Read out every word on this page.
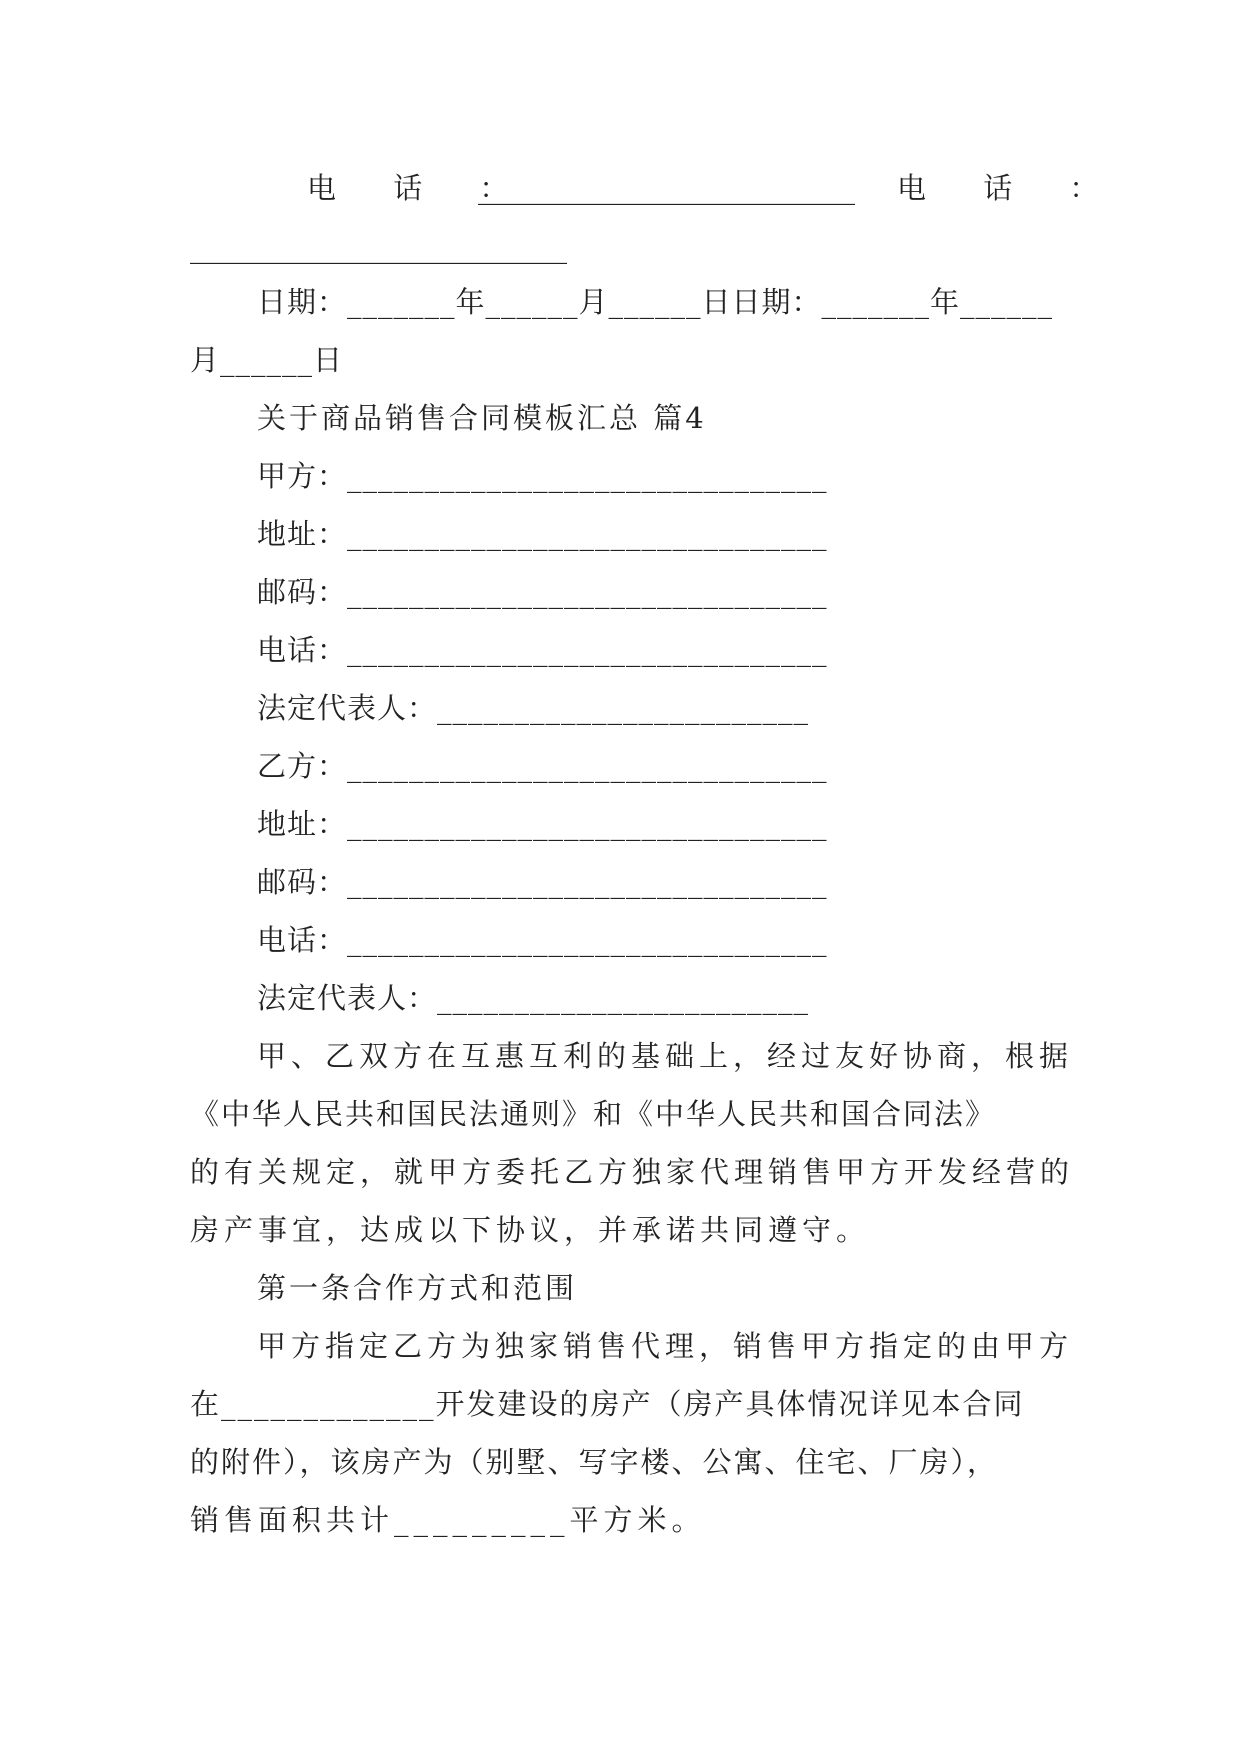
电 话 ：
__________________________ 电 话 ：
__________________________
日期：_______年______月______日日期：_______年______
月______日
关于商品销售合同模板汇总 篇4
甲方：_______________________________
地址：_______________________________
邮码：_______________________________
电话：_______________________________
法定代表人：________________________
乙方：_______________________________
地址：_______________________________
邮码：_______________________________
电话：_______________________________
法定代表人：________________________
甲、乙双方在互惠互利的基础上，经过友好协商，根据
《中华人民共和国民法通则》和《中华人民共和国合同法》
的有关规定，就甲方委托乙方独家代理销售甲方开发经营的
房产事宜，达成以下协议，并承诺共同遵守。
第一条合作方式和范围
甲方指定乙方为独家销售代理，销售甲方指定的由甲方
在_____________开发建设的房产（房产具体情况详见本合同
的附件），该房产为（别墅、写字楼、公寓、住宅、厂房），
销售面积共计_________平方米。
